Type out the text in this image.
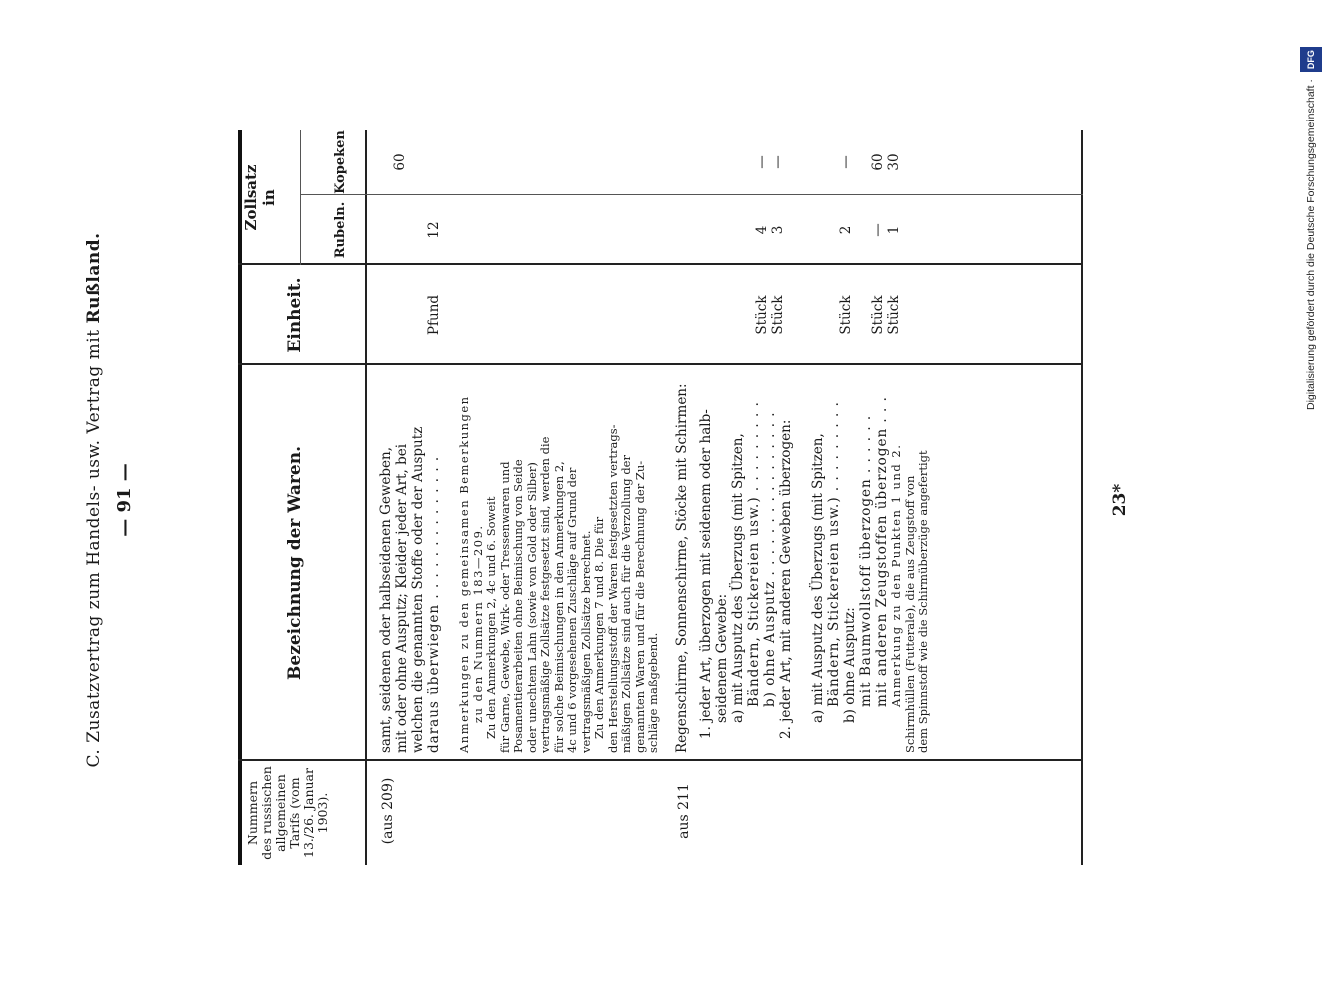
C. Zusatzvertrag zum Handels- usw. Vertrag mit Rußland.
— 91 —
Nummern des russischen allgemeinen Tarifs (vom 13./26. Januar 1903).
Bezeichnung der Waren.
Einheit.
Zollsatz in
Rubeln.
Kopeken
(aus 209)
samt, seidenen oder halbseidenen Geweben, mit oder ohne Ausputz; Kleider jeder Art, bei welchen die genannten Stoffe oder der Ausputz daraus überwiegen . . . . . . . . . . . . . .
Pfund
12
60
Anmerkungen zu den gemeinsamen Bemerkungen zu den Nummern 183—209. Zu den Anmerkungen 2, 4c und 6. Soweit für Garne, Gewebe, Wirk- oder Tressenwaren und Posamentierarbeiten ohne Beimischung von Seide oder unechtem Lahn (sowie von Gold oder Silber) vertragsmäßige Zollsätze festgesetzt sind, werden die für solche Beimischungen in den Anmerkungen 2, 4c und 6 vorgesehenen Zuschläge auf Grund der vertragsmäßigen Zollsätze berechnet. Zu den Anmerkungen 7 und 8. Die für den Herstellungsstoff der Waren festgesetzten vertrags- mäßigen Zollsätze sind auch für die Verzollung der genannten Waren und für die Berechnung der Zu- schläge maßgebend.
aus 211
Regenschirme, Sonnenschirme, Stöcke mit Schirmen: 1. jeder Art, überzogen mit seidenem oder halb- seidenem Gewebe: a) mit Ausputz des Überzugs (mit Spitzen, Bändern, Stickereien usw.) . . . . . . . . . b) ohne Ausputz . . . . . . . . . . . . . . . . 2. jeder Art, mit anderen Geweben überzogen: a) mit Ausputz des Überzugs (mit Spitzen, Bändern, Stickereien usw.) . . . . . . . . . b) ohne Ausputz: mit Baumwollstoff überzogen . . . . . . mit anderen Zeugstoffen überzogen . . . Anmerkung zu den Punkten 1 und 2. Schirmhüllen (Futterale), die aus Zeugstoff von dem Spinnstoff wie die Schirmüberzüge angefertigt
Stück
4
—
Stück
3
—
Stück
2
—
Stück
—
60
Stück
1
30
23*
Digitalisierung gefördert durch die Deutsche Forschungsgemeinschaft · DFG
